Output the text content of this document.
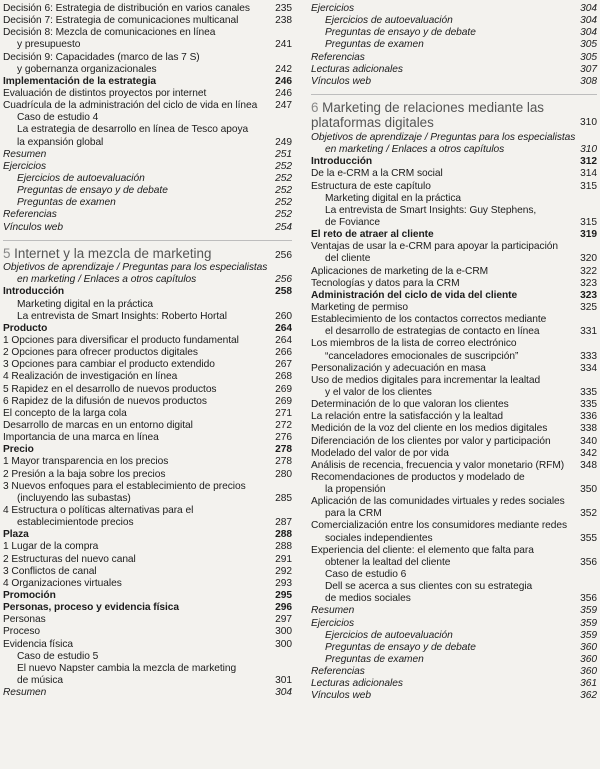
Decisión 6: Estrategia de distribución en varios canales	235
Decisión 7: Estrategia de comunicaciones multicanal	238
Decisión 8: Mezcla de comunicaciones en línea
y presupuesto	241
Decisión 9: Capacidades (marco de las 7 S)
y gobernanza organizacionales	242
Implementación de la estrategia	246
Evaluación de distintos proyectos por internet	246
Cuadrícula de la administración del ciclo de vida en línea	247
Caso de estudio 4
La estrategia de desarrollo en línea de Tesco apoya
la expansión global	249
Resumen	251
Ejercicios	252
Ejercicios de autoevaluación	252
Preguntas de ensayo y de debate	252
Preguntas de examen	252
Referencias	252
Vínculos web	254
5 Internet y la mezcla de marketing	256
Objetivos de aprendizaje / Preguntas para los especialistas
en marketing / Enlaces a otros capítulos	256
Introducción	258
Marketing digital en la práctica
La entrevista de Smart Insights: Roberto Hortal	260
Producto	264
1 Opciones para diversificar el producto fundamental	264
2 Opciones para ofrecer productos digitales	266
3 Opciones para cambiar el producto extendido	267
4 Realización de investigación en línea	268
5 Rapidez en el desarrollo de nuevos productos	269
6 Rapidez de la difusión de nuevos productos	269
El concepto de la larga cola	271
Desarrollo de marcas en un entorno digital	272
Importancia de una marca en línea	276
Precio	278
1 Mayor transparencia en los precios	278
2 Presión a la baja sobre los precios	280
3 Nuevos enfoques para el establecimiento de precios
(incluyendo las subastas)	285
4 Estructura o políticas alternativas para el
establecimientode precios	287
Plaza	288
1 Lugar de la compra	288
2 Estructuras del nuevo canal	291
3 Conflictos de canal	292
4 Organizaciones virtuales	293
Promoción	295
Personas, proceso y evidencia física	296
Personas	297
Proceso	300
Evidencia física	300
Caso de estudio 5
El nuevo Napster cambia la mezcla de marketing
de música	301
Resumen	304
Ejercicios	304
Ejercicios de autoevaluación	304
Preguntas de ensayo y de debate	304
Preguntas de examen	305
Referencias	305
Lecturas adicionales	307
Vínculos web	308
6 Marketing de relaciones mediante las plataformas digitales	310
Objetivos de aprendizaje / Preguntas para los especialistas
en marketing / Enlaces a otros capítulos	310
Introducción	312
De la e-CRM a la CRM social	314
Estructura de este capítulo	315
Marketing digital en la práctica
La entrevista de Smart Insights: Guy Stephens,
de Foviance	315
El reto de atraer al cliente	319
Ventajas de usar la e-CRM para apoyar la participación
del cliente	320
Aplicaciones de marketing de la e-CRM	322
Tecnologías y datos para la CRM	323
Administración del ciclo de vida del cliente	323
Marketing de permiso	325
Establecimiento de los contactos correctos mediante
el desarrollo de estrategias de contacto en línea	331
Los miembros de la lista de correo electrónico
“canceladores emocionales de suscripción”	333
Personalización y adecuación en masa	334
Uso de medios digitales para incrementar la lealtad
y el valor de los clientes	335
Determinación de lo que valoran los clientes	335
La relación entre la satisfacción y la lealtad	336
Medición de la voz del cliente en los medios digitales	338
Diferenciación de los clientes por valor y participación	340
Modelado del valor de por vida	342
Análisis de recencia, frecuencia y valor monetario (RFM)	348
Recomendaciones de productos y modelado de
la propensión	350
Aplicación de las comunidades virtuales y redes sociales
para la CRM	352
Comercialización entre los consumidores mediante redes
sociales independientes	355
Experiencia del cliente: el elemento que falta para
obtener la lealtad del cliente	356
Caso de estudio 6
Dell se acerca a sus clientes con su estrategia
de medios sociales	356
Resumen	359
Ejercicios	359
Ejercicios de autoevaluación	359
Preguntas de ensayo y de debate	360
Preguntas de examen	360
Referencias	360
Lecturas adicionales	361
Vínculos web	362
